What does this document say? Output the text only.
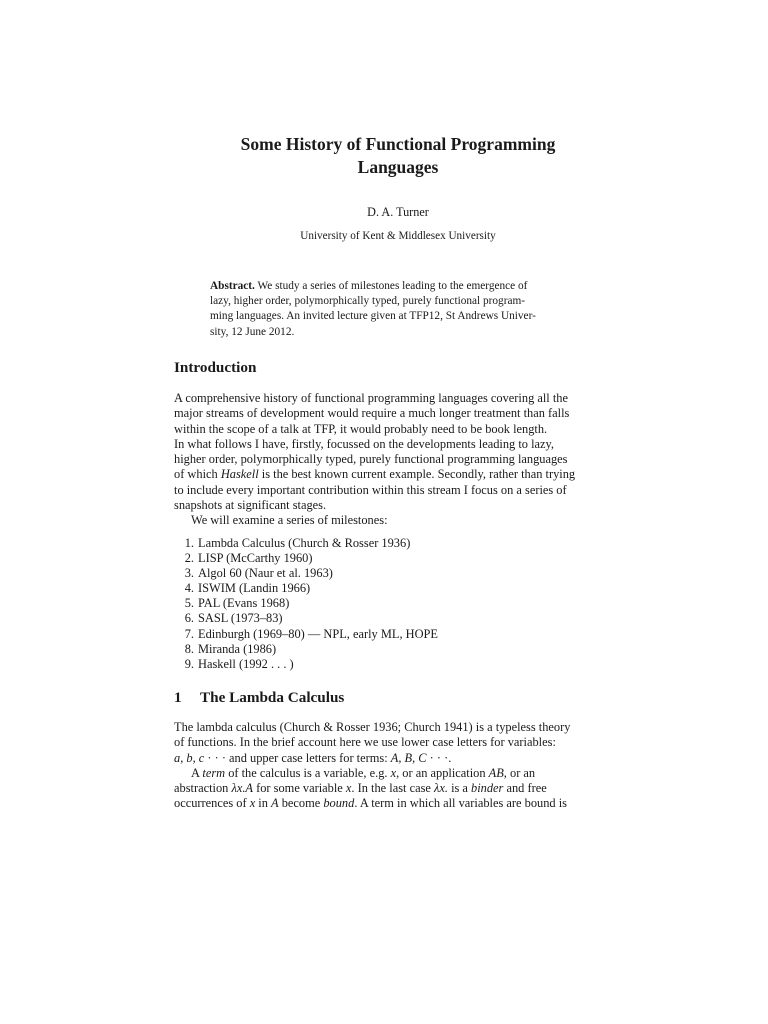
Some History of Functional Programming
Languages
D. A. Turner
University of Kent & Middlesex University
Abstract. We study a series of milestones leading to the emergence of
lazy, higher order, polymorphically typed, purely functional program-
ming languages. An invited lecture given at TFP12, St Andrews Univer-
sity, 12 June 2012.
Introduction
A comprehensive history of functional programming languages covering all the
major streams of development would require a much longer treatment than falls
within the scope of a talk at TFP, it would probably need to be book length.
In what follows I have, firstly, focussed on the developments leading to lazy,
higher order, polymorphically typed, purely functional programming languages
of which Haskell is the best known current example. Secondly, rather than trying
to include every important contribution within this stream I focus on a series of
snapshots at significant stages.
We will examine a series of milestones:
1. Lambda Calculus (Church & Rosser 1936)
2. LISP (McCarthy 1960)
3. Algol 60 (Naur et al. 1963)
4. ISWIM (Landin 1966)
5. PAL (Evans 1968)
6. SASL (1973–83)
7. Edinburgh (1969–80) — NPL, early ML, HOPE
8. Miranda (1986)
9. Haskell (1992 . . . )
1 The Lambda Calculus
The lambda calculus (Church & Rosser 1936; Church 1941) is a typeless theory
of functions. In the brief account here we use lower case letters for variables:
a, b, c · · · and upper case letters for terms: A, B, C · · ·.
A term of the calculus is a variable, e.g. x, or an application AB, or an
abstraction λx.A for some variable x. In the last case λx. is a binder and free
occurrences of x in A become bound. A term in which all variables are bound is
